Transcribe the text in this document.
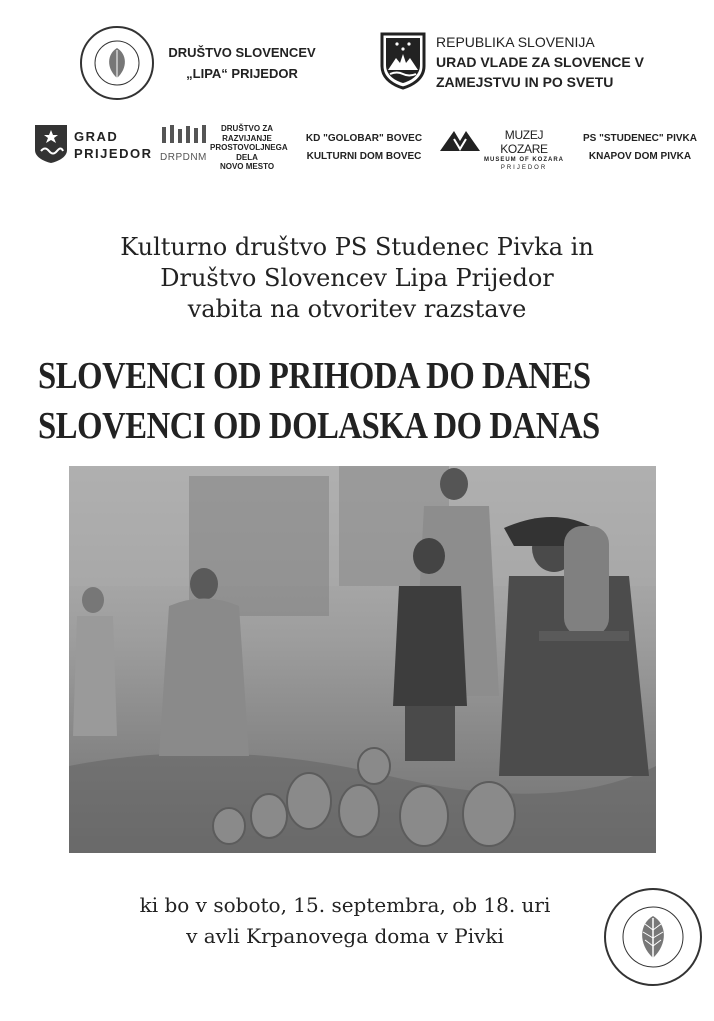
DRUŠTVO SLOVENCEV
„LIPA“ PRIJEDOR
REPUBLIKA SLOVENIJA
URAD VLADE ZA SLOVENCE V
ZAMEJSTVU IN PO SVETU
GRAD
PRIJEDOR DRPDNM
DRUŠTVO ZA
RAZVIJANJE
PROSTOVOLJNEGA
DELA
NOVO MESTO
KD "GOLOBAR" BOVEC
KULTURNI DOM BOVEC
MUZEJ KOZARE
MUSEUM OF KOZARA
PRIJEDOR
PS "STUDENEC" PIVKA
KNAPOV DOM PIVKA
Kulturno društvo PS Studenec Pivka in
Društvo Slovencev Lipa Prijedor
vabita na otvoritev razstave
SLOVENCI OD PRIHODA DO DANES
SLOVENCI OD DOLASKA DO DANAS
ki bo v soboto, 15. septembra, ob 18. uri
v avli Krpanovega doma v Pivki
